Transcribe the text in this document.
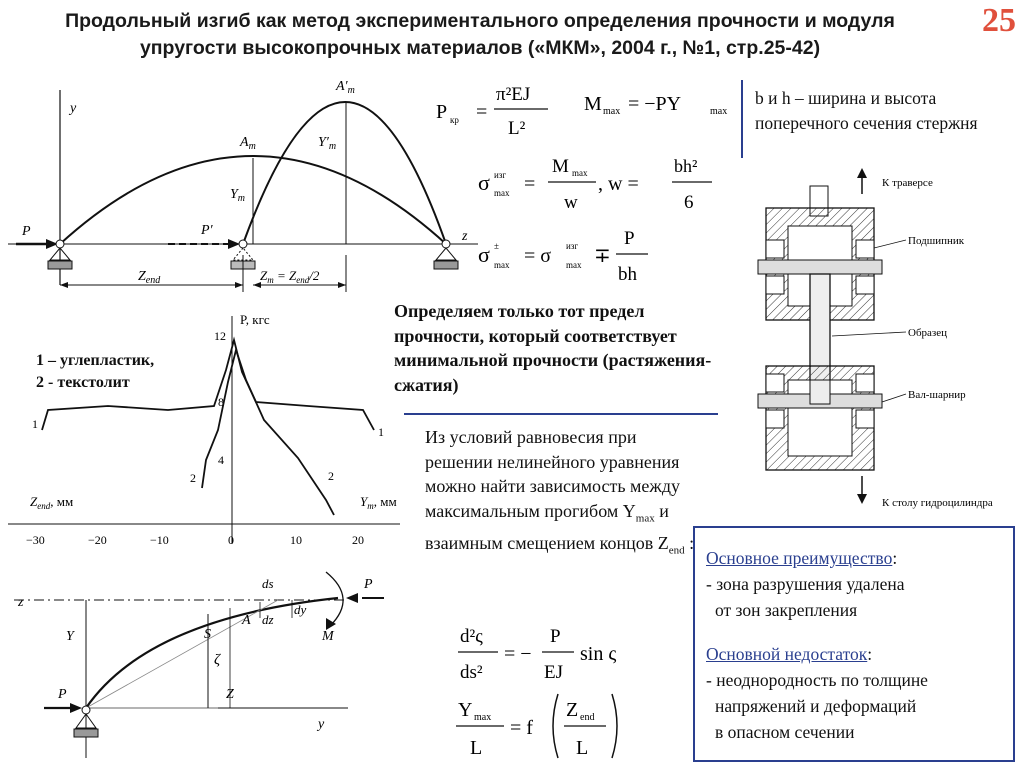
Продольный изгиб как метод экспериментального определения прочности и модуля упругости высокопрочных материалов («МКМ», 2004 г., №1, стр.25-42)
25
y
z
$A_m$
$A'_m$
$Y_m$
$Y'_m$
P	P′
$Z_{end}$	$Z_m = Z_{end}/2$
P кр =
π²EJ
L²
M max = −PY	max
σ изг
max =
M max
w
, w =
bh²
6
σ ±
max = σ изг
max ∓
P
bh
b и h – ширина и высота поперечного сечения стержня
К траверсе
К столу гидроцилиндра
Подшипник
Образец
Вал-шарнир
Определяем только тот предел прочности, который соответствует минимальной прочности (растяжения-сжатия)
P, кгс
12
8
4
−30	−20	−10	0	10	20
$Z_{end}$, мм	$Y_m$, мм
1
1
2	2
1 – углепластик,
2 - текстолит
Из условий равновесия при решении нелинейного уравнения можно найти зависимость между максимальным прогибом $Y_{max}$ и взаимным смещением концов $Z_{end}$ :
d²ς
ds²
= −
P
EJ
sin ς
Y max
L
= f
Z end
L
z
y
Y
Z
S
ζ
A
ds
dz
dy
P
M
P
Основное преимущество:
- зона разрушения удалена
от зон закрепления
Основной недостаток:
- неоднородность по толщине
напряжений и деформаций
в опасном сечении
